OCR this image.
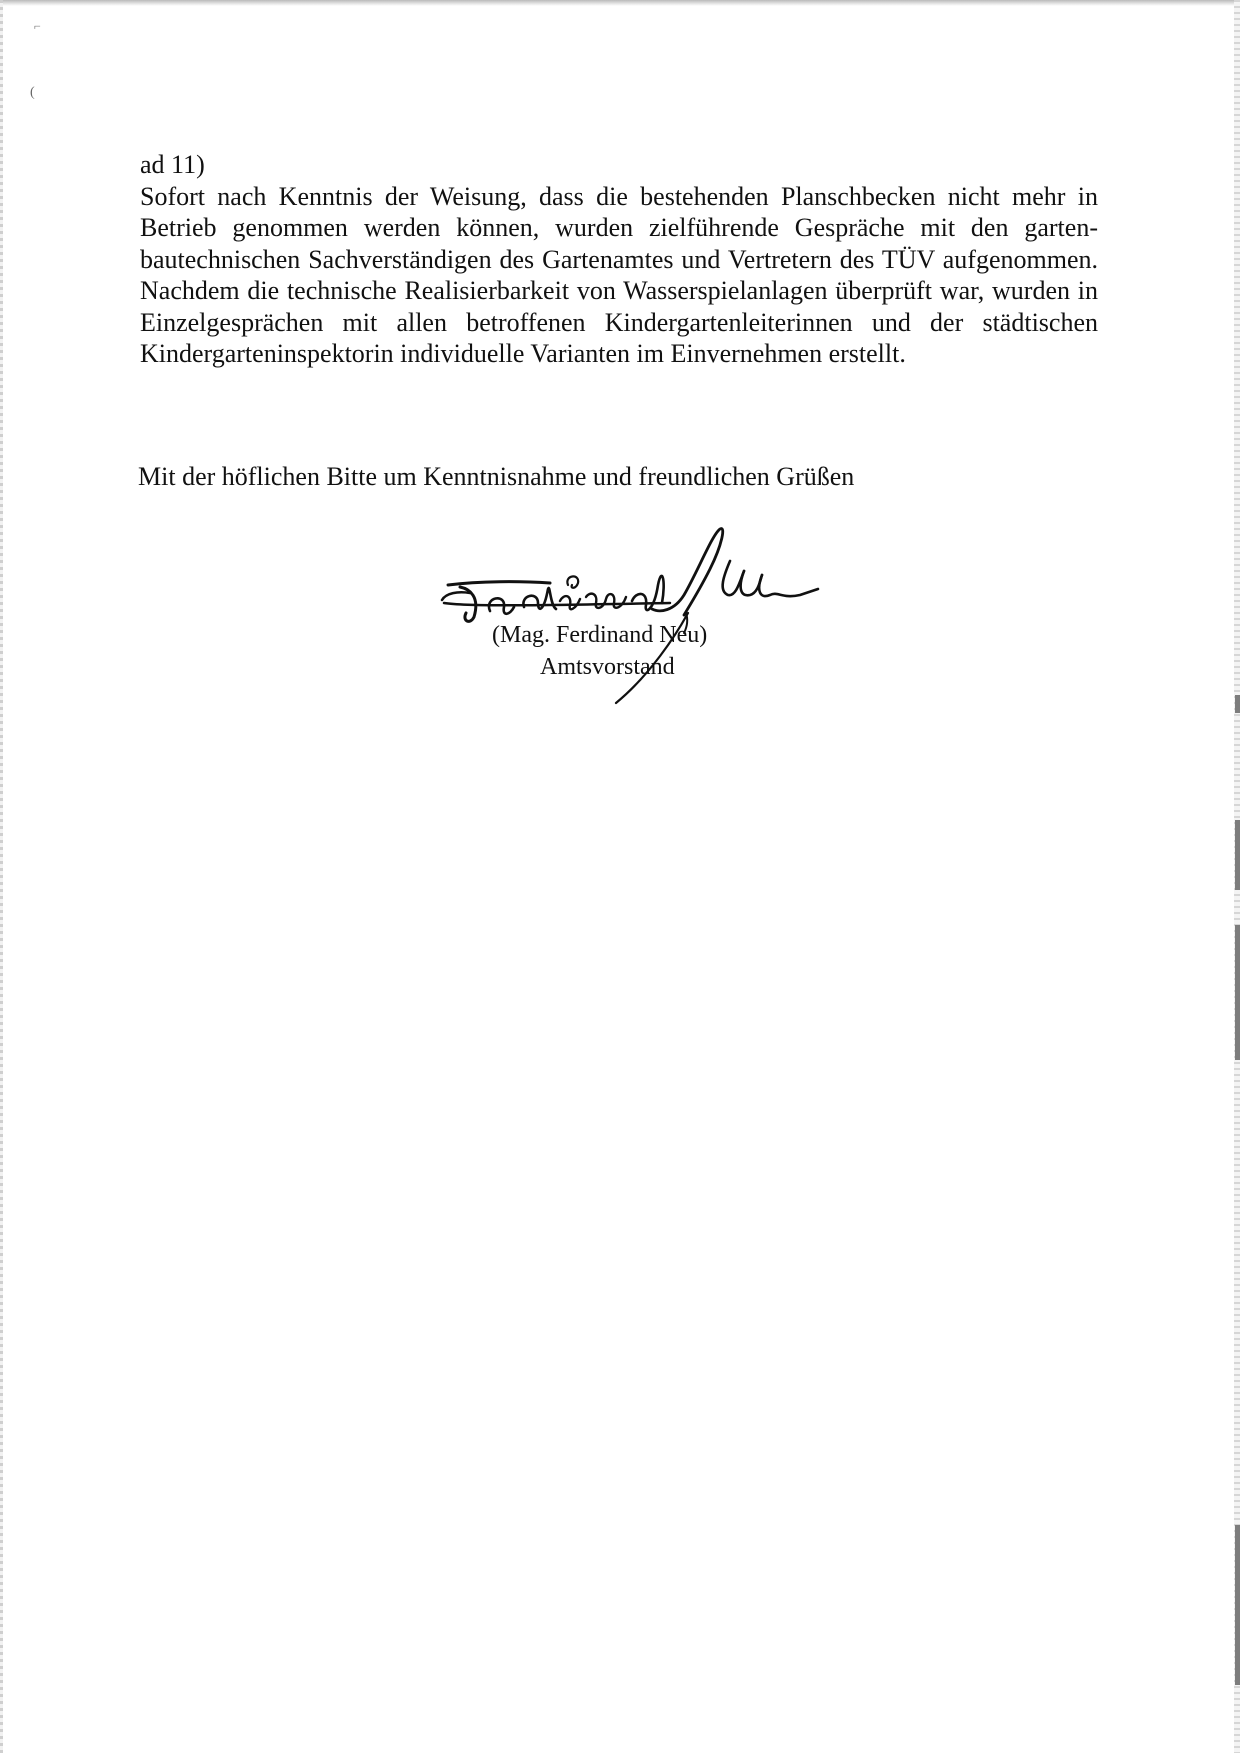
⌐
(

ad 11)

Sofort nach Kenntnis der Weisung, dass die bestehenden Planschbecken nicht mehr in Betrieb genommen werden können, wurden zielführende Gespräche mit den gartenbautechnischen Sachverständigen des Gartenamtes und Vertretern des TÜV aufgenommen. Nachdem die technische Realisierbarkeit von Wasserspielanlagen überprüft war, wurden in Einzelgesprächen mit allen betroffenen Kindergartenleiterinnen und der städtischen Kindergarteninspektorin individuelle Varianten im Einvernehmen erstellt.

Mit der höflichen Bitte um Kenntnisnahme und freundlichen Grüßen

(Mag. Ferdinand Neu)

Amtsvorstand
